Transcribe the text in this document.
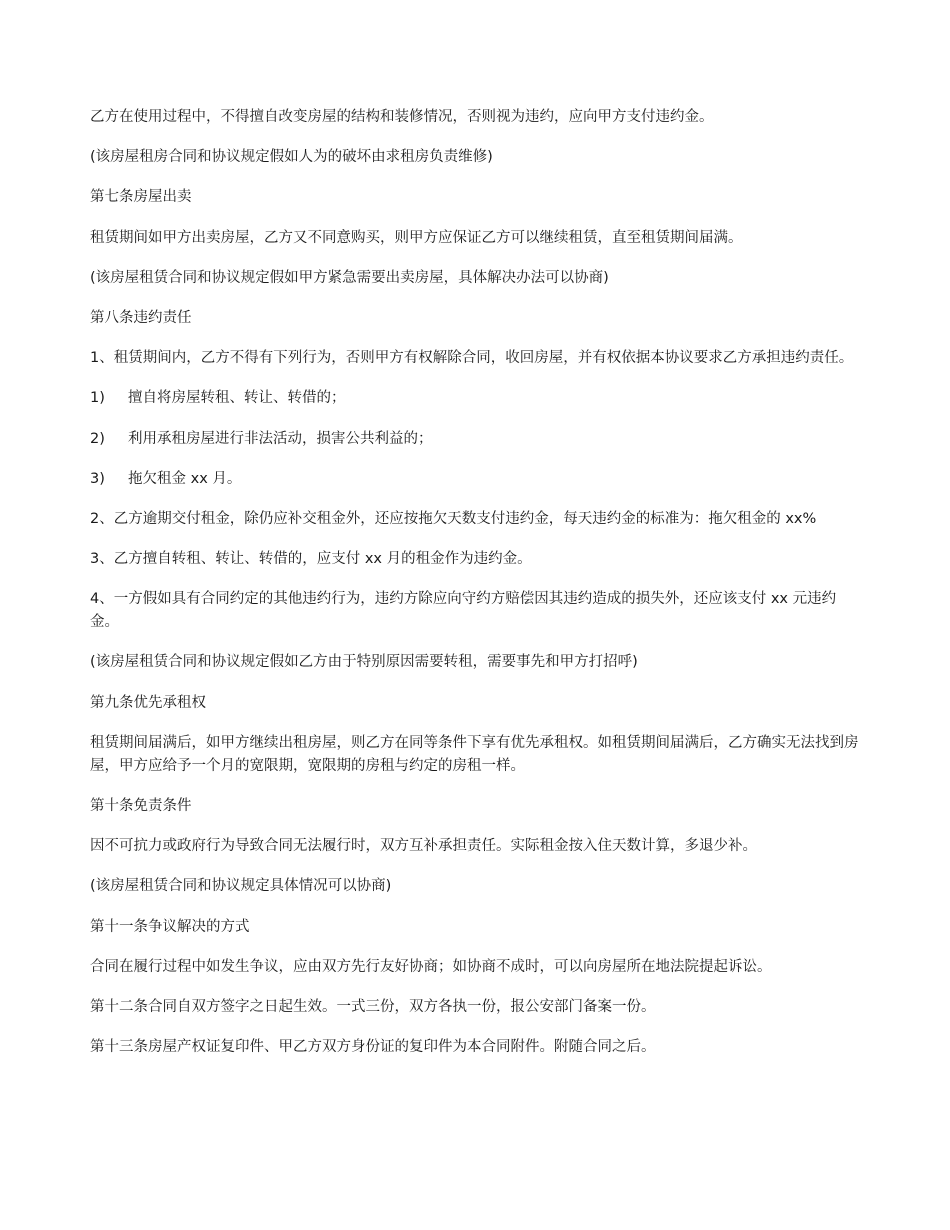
乙方在使用过程中，不得擅自改变房屋的结构和装修情况，否则视为违约，应向甲方支付违约金。

(该房屋租房合同和协议规定假如人为的破坏由求租房负责维修)

第七条房屋出卖

租赁期间如甲方出卖房屋，乙方又不同意购买，则甲方应保证乙方可以继续租赁，直至租赁期间届满。

(该房屋租赁合同和协议规定假如甲方紧急需要出卖房屋，具体解决办法可以协商)

第八条违约责任

1、租赁期间内，乙方不得有下列行为，否则甲方有权解除合同，收回房屋，并有权依据本协议要求乙方承担违约责任。

1)	擅自将房屋转租、转让、转借的；

2)	利用承租房屋进行非法活动，损害公共利益的；

3)	拖欠租金 xx 月。

2、乙方逾期交付租金，除仍应补交租金外，还应按拖欠天数支付违约金，每天违约金的标准为：拖欠租金的 xx%

3、乙方擅自转租、转让、转借的，应支付 xx 月的租金作为违约金。

4、一方假如具有合同约定的其他违约行为，违约方除应向守约方赔偿因其违约造成的损失外，还应该支付 xx 元违约金。

(该房屋租赁合同和协议规定假如乙方由于特别原因需要转租，需要事先和甲方打招呼)

第九条优先承租权

租赁期间届满后，如甲方继续出租房屋，则乙方在同等条件下享有优先承租权。如租赁期间届满后，乙方确实无法找到房屋，甲方应给予一个月的宽限期，宽限期的房租与约定的房租一样。

第十条免责条件

因不可抗力或政府行为导致合同无法履行时，双方互补承担责任。实际租金按入住天数计算，多退少补。

(该房屋租赁合同和协议规定具体情况可以协商)

第十一条争议解决的方式

合同在履行过程中如发生争议，应由双方先行友好协商；如协商不成时，可以向房屋所在地法院提起诉讼。

第十二条合同自双方签字之日起生效。一式三份，双方各执一份，报公安部门备案一份。

第十三条房屋产权证复印件、甲乙方双方身份证的复印件为本合同附件。附随合同之后。
